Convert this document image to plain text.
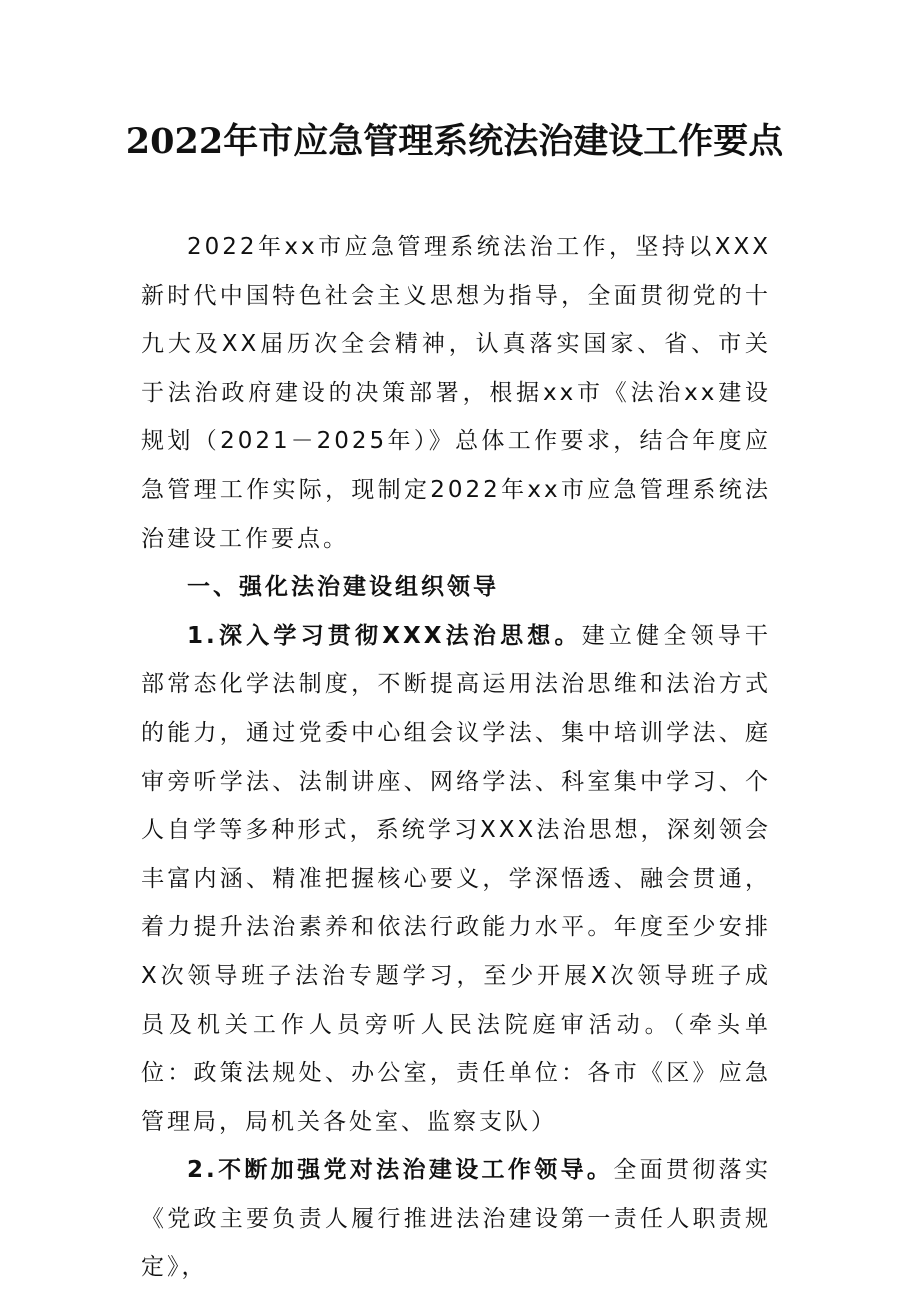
2022年市应急管理系统法治建设工作要点

2022年xx市应急管理系统法治工作，坚持以XXX新时代中国特色社会主义思想为指导，全面贯彻党的十九大及XX届历次全会精神，认真落实国家、省、市关于法治政府建设的决策部署，根据xx市《法治xx建设规划（2021－2025年）》总体工作要求，结合年度应急管理工作实际，现制定2022年xx市应急管理系统法治建设工作要点。

一、强化法治建设组织领导

1.深入学习贯彻XXX法治思想。建立健全领导干部常态化学法制度，不断提高运用法治思维和法治方式的能力，通过党委中心组会议学法、集中培训学法、庭审旁听学法、法制讲座、网络学法、科室集中学习、个人自学等多种形式，系统学习XXX法治思想，深刻领会丰富内涵、精准把握核心要义，学深悟透、融会贯通，着力提升法治素养和依法行政能力水平。年度至少安排X次领导班子法治专题学习，至少开展X次领导班子成员及机关工作人员旁听人民法院庭审活动。（牵头单位：政策法规处、办公室，责任单位：各市《区》应急管理局，局机关各处室、监察支队）

2.不断加强党对法治建设工作领导。全面贯彻落实《党政主要负责人履行推进法治建设第一责任人职责规定》，
